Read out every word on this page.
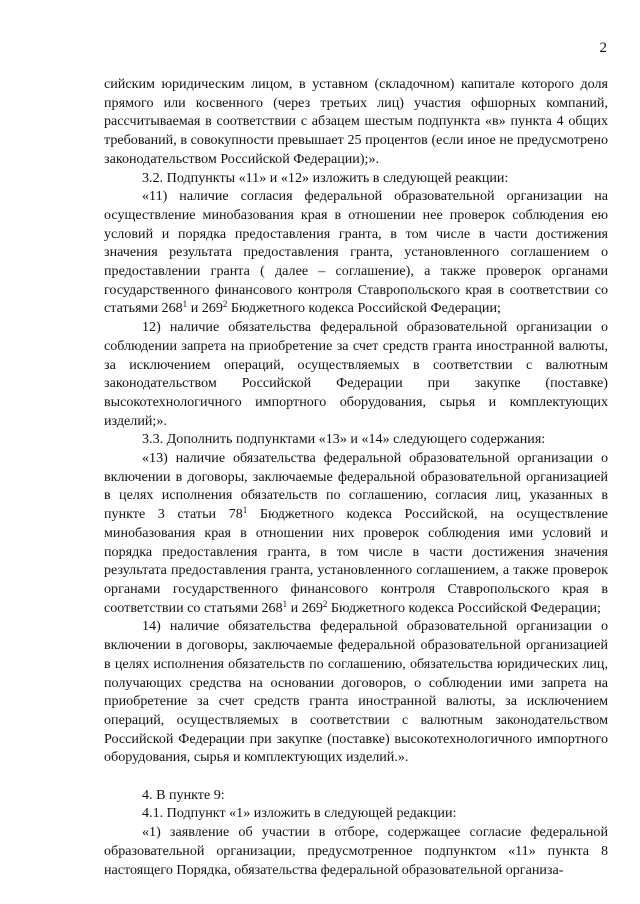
2

сийским юридическим лицом, в уставном (складочном) капитале которого доля прямого или косвенного (через третьих лиц) участия офшорных компаний, рассчитываемая в соответствии с абзацем шестым подпункта «в» пункта 4 общих требований, в совокупности превышает 25 процентов (если иное не предусмотрено законодательством Российской Федерации);».

3.2. Подпункты «11» и «12» изложить в следующей реакции:

«11) наличие согласия федеральной образовательной организации на осуществление минобазования края в отношении нее проверок соблюдения ею условий и порядка предоставления гранта, в том числе в части достижения значения результата предоставления гранта, установленного соглашением о предоставлении гранта ( далее – соглашение), а также проверок органами государственного финансового контроля Ставропольского края в соответствии со статьями $268^1$ и $269^2$ Бюджетного кодекса Российской Федерации;

12) наличие обязательства федеральной образовательной организации о соблюдении запрета на приобретение за счет средств гранта иностранной валюты, за исключением операций, осуществляемых в соответствии с валютным законодательством Российской Федерации при закупке (поставке) высокотехнологичного импортного оборудования, сырья и комплектующих изделий;».

3.3. Дополнить подпунктами «13» и «14» следующего содержания:

«13) наличие обязательства федеральной образовательной организации о включении в договоры, заключаемые федеральной образовательной организацией в целях исполнения обязательств по соглашению, согласия лиц, указанных в пункте 3 статьи $78^1$ Бюджетного кодекса Российской, на осуществление минобазования края в отношении них проверок соблюдения ими условий и порядка предоставления гранта, в том числе в части достижения значения результата предоставления гранта, установленного соглашением, а также проверок органами государственного финансового контроля Ставропольского края в соответствии со статьями $268^1$ и $269^2$ Бюджетного кодекса Российской Федерации;

14) наличие обязательства федеральной образовательной организации о включении в договоры, заключаемые федеральной образовательной организацией в целях исполнения обязательств по соглашению, обязательства юридических лиц, получающих средства на основании договоров, о соблюдении ими запрета на приобретение за счет средств гранта иностранной валюты, за исключением операций, осуществляемых в соответствии с валютным законодательством Российской Федерации при закупке (поставке) высокотехнологичного импортного оборудования, сырья и комплектующих изделий.».

4. В пункте 9:

4.1. Подпункт «1» изложить в следующей редакции:

«1) заявление об участии в отборе, содержащее согласие федеральной образовательной организации, предусмотренное подпунктом «11» пункта 8 настоящего Порядка, обязательства федеральной образовательной организа-
